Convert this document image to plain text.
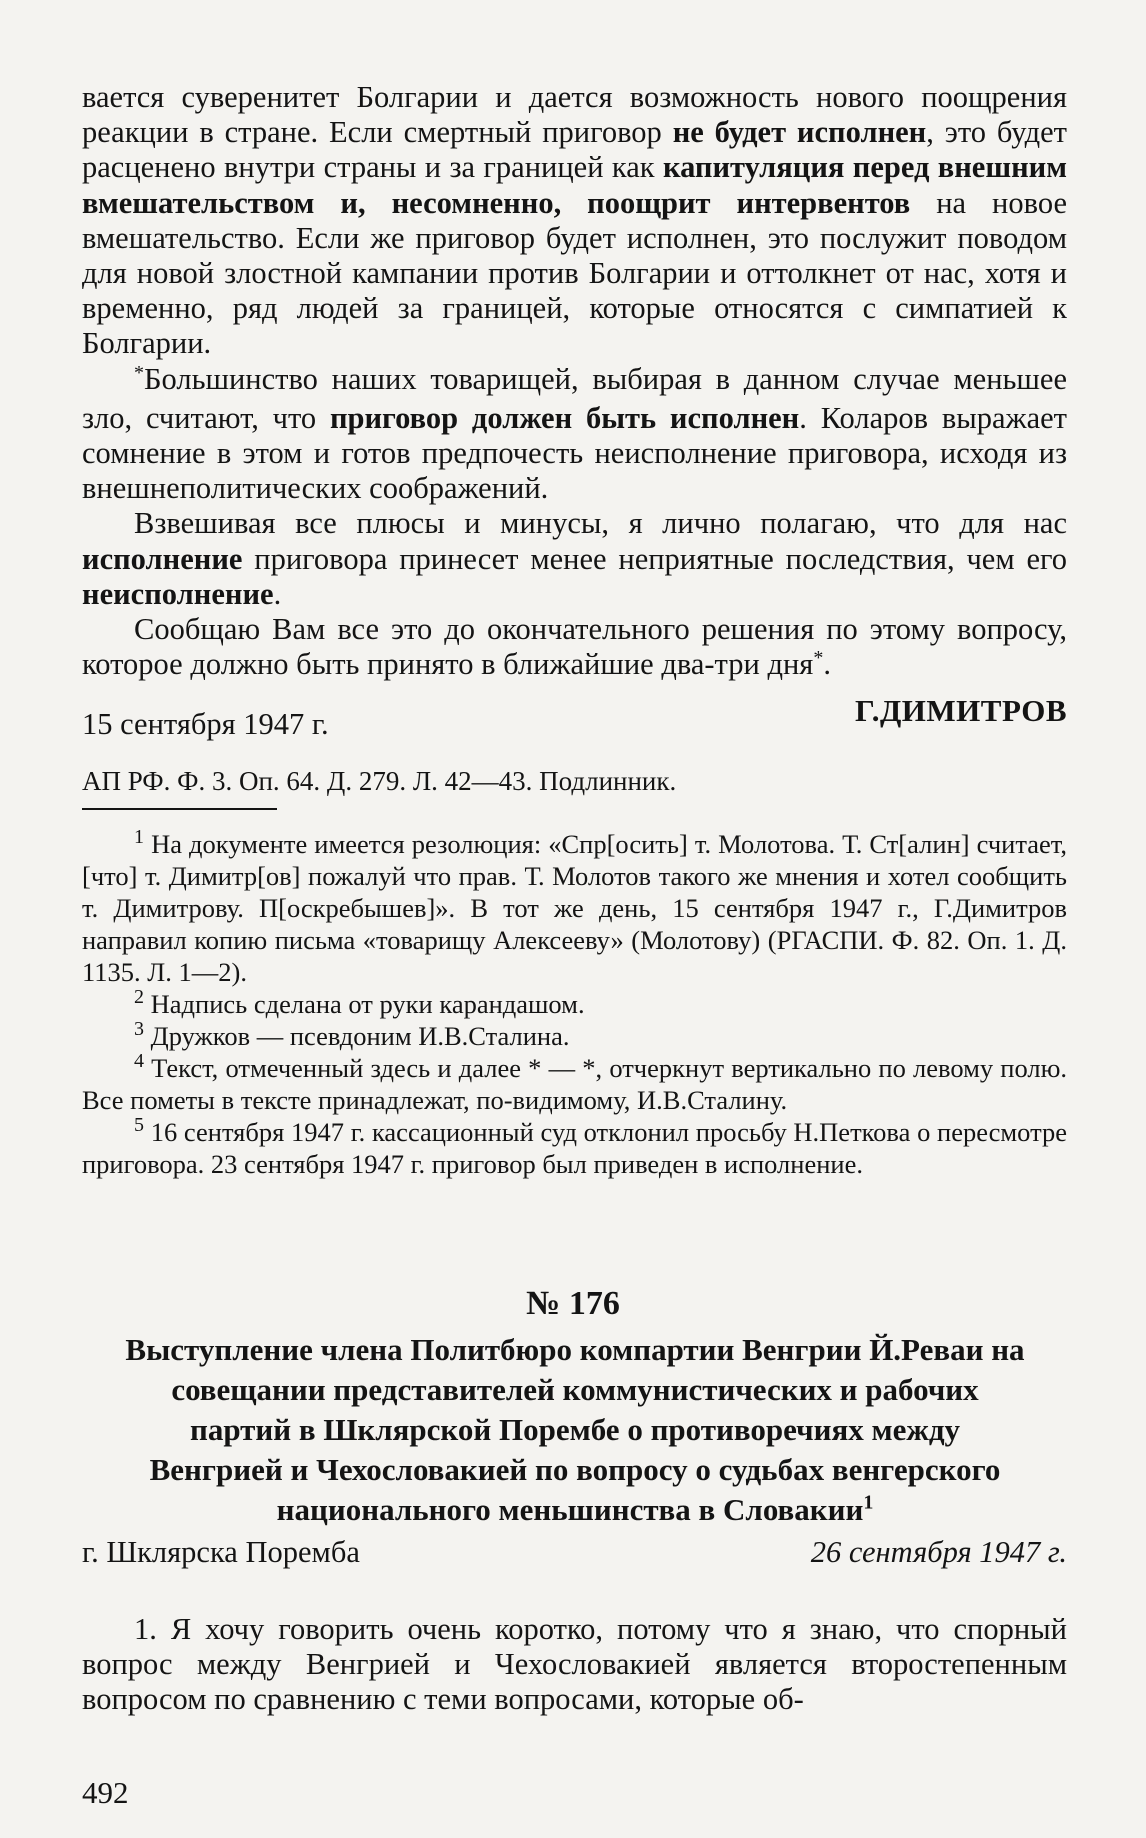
вается суверенитет Болгарии и дается возможность нового поощрения реакции в стране. Если смертный приговор не будет исполнен, это будет расценено внутри страны и за границей как капитуляция перед внешним вмешательством и, несомненно, поощрит интервентов на новое вмешательство. Если же приговор будет исполнен, это послужит поводом для новой злостной кампании против Болгарии и оттолкнет от нас, хотя и временно, ряд людей за границей, которые относятся с симпатией к Болгарии.

*Большинство наших товарищей, выбирая в данном случае меньшее зло, считают, что приговор должен быть исполнен. Коларов выражает сомнение в этом и готов предпочесть неисполнение приговора, исходя из внешнеполитических соображений.

Взвешивая все плюсы и минусы, я лично полагаю, что для нас исполнение приговора принесет менее неприятные последствия, чем его неисполнение.

Сообщаю Вам все это до окончательного решения по этому вопросу, которое должно быть принято в ближайшие два-три дня*.

Г.ДИМИТРОВ
15 сентября 1947 г.
АП РФ. Ф. 3. Оп. 64. Д. 279. Л. 42—43. Подлинник.

$^1$ На документе имеется резолюция: «Спр[осить] т. Молотова. Т. Ст[алин] считает, [что] т. Димитр[ов] пожалуй что прав. Т. Молотов такого же мнения и хотел сообщить т. Димитрову. П[оскребышев]». В тот же день, 15 сентября 1947 г., Г.Димитров направил копию письма «товарищу Алексееву» (Молотову) (РГАСПИ. Ф. 82. Оп. 1. Д. 1135. Л. 1—2).

$^2$ Надпись сделана от руки карандашом.

$^3$ Дружков — псевдоним И.В.Сталина.

$^4$ Текст, отмеченный здесь и далее * — *, отчеркнут вертикально по левому полю. Все пометы в тексте принадлежат, по-видимому, И.В.Сталину.

$^5$ 16 сентября 1947 г. кассационный суд отклонил просьбу Н.Петкова о пересмотре приговора. 23 сентября 1947 г. приговор был приведен в исполнение.

№ 176
Выступление члена Политбюро компартии Венгрии Й.Реваи на совещании представителей коммунистических и рабочих партий в Шклярской Порембе о противоречиях между Венгрией и Чехословакией по вопросу о судьбах венгерского национального меньшинства в Словакии$^1$
г. Шклярска Поремба	26 сентября 1947 г.

1. Я хочу говорить очень коротко, потому что я знаю, что спорный вопрос между Венгрией и Чехословакией является второстепенным вопросом по сравнению с теми вопросами, которые об-

492
